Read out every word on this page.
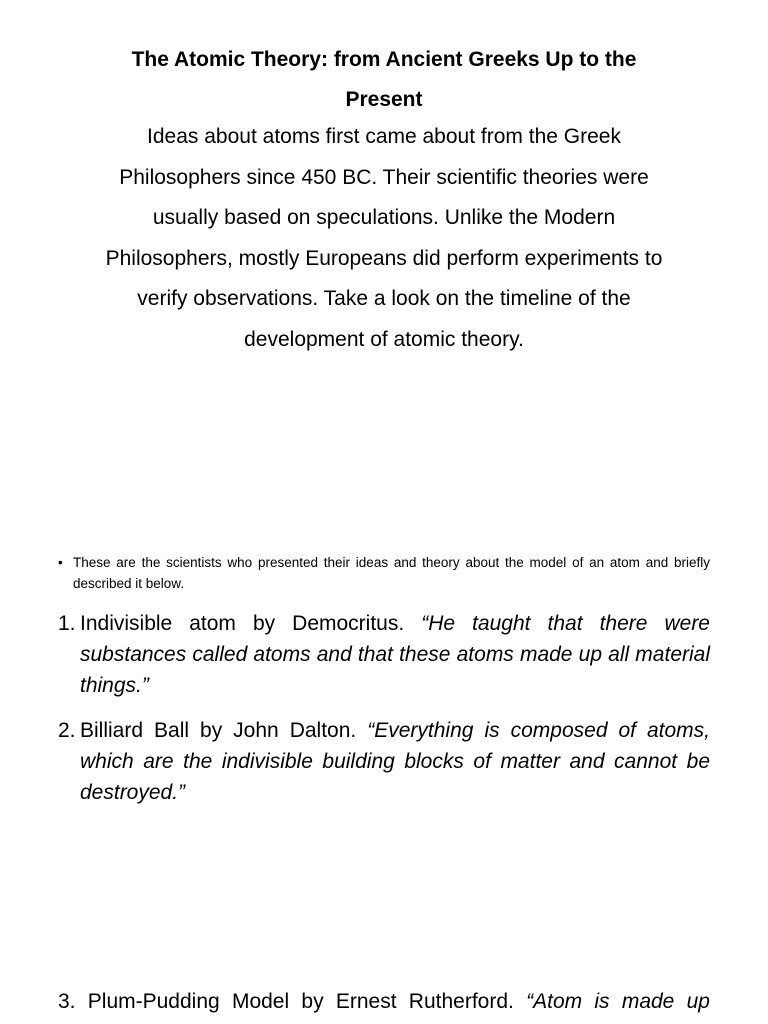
The Atomic Theory: from Ancient Greeks Up to the Present

Ideas about atoms first came about from the Greek Philosophers since 450 BC. Their scientific theories were usually based on speculations. Unlike the Modern Philosophers, mostly Europeans did perform experiments to verify observations. Take a look on the timeline of the development of atomic theory.

• These are the scientists who presented their ideas and theory about the model of an atom and briefly described it below.
1. Indivisible atom by Democritus. “He taught that there were substances called atoms and that these atoms made up all material things.”
2. Billiard Ball by John Dalton. “Everything is composed of atoms, which are the indivisible building blocks of matter and cannot be destroyed.”
3. Plum-Pudding Model by Ernest Rutherford. “Atom is made up
